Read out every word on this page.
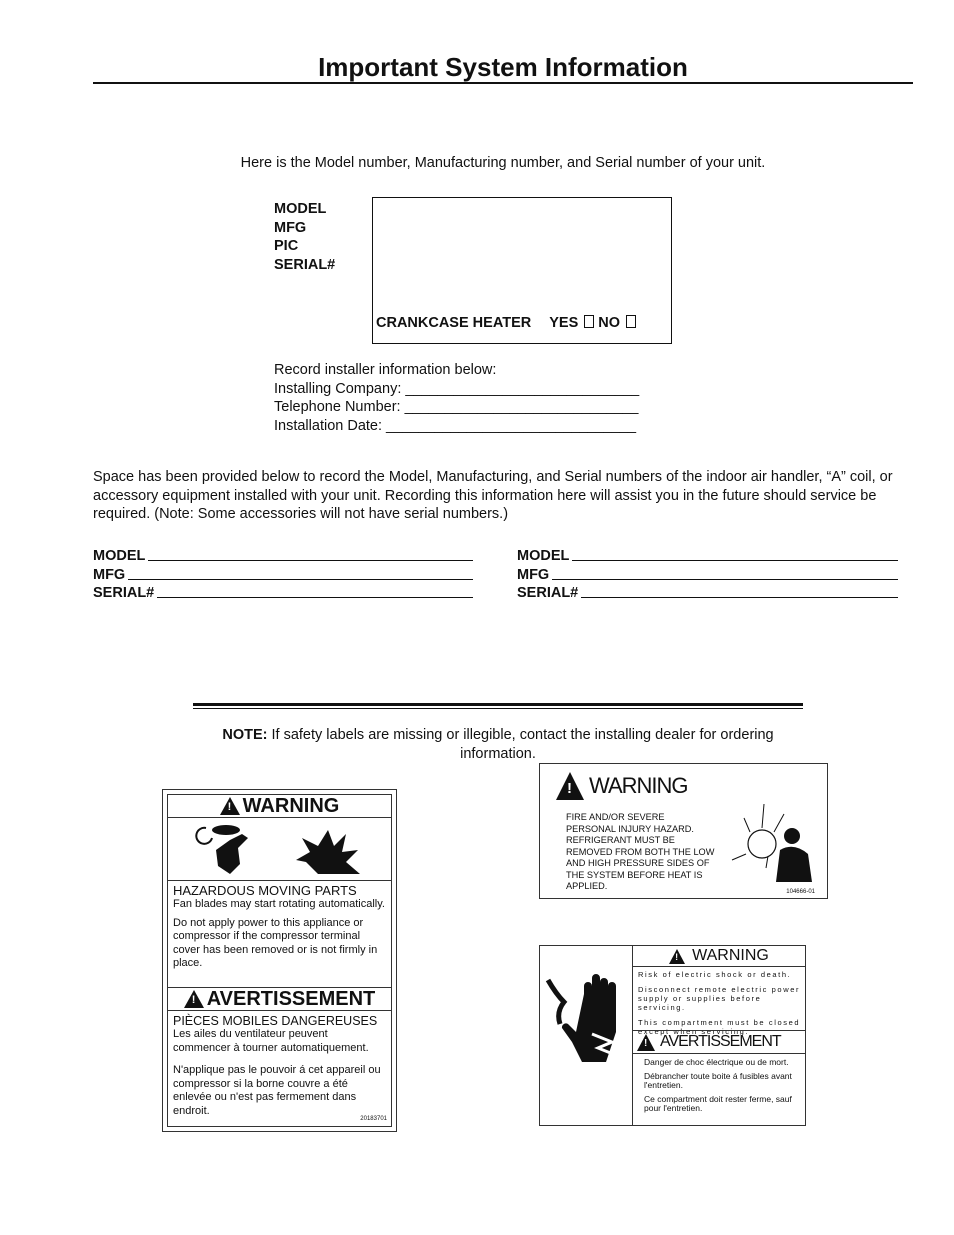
Important System Information
Here is the Model number, Manufacturing number, and Serial number of your unit.
MODEL
MFG
PIC
SERIAL#
CRANKCASE HEATER YES NO
Record installer information below:
Installing Company: _____________________________
Telephone Number: _____________________________
Installation Date: _______________________________
Space has been provided below to record the Model, Manufacturing, and Serial numbers of the indoor air handler, “A” coil, or accessory equipment installed with your unit. Recording this information here will assist you in the future should service be required. (Note: Some accessories will not have serial numbers.)
MODEL
MFG
SERIAL#
MODEL
MFG
SERIAL#
NOTE: If safety labels are missing or illegible, contact the installing dealer for ordering information.
! WARNING
HAZARDOUS MOVING PARTS
Fan blades may start rotating automatically.
Do not apply power to this appliance or compressor if the compressor terminal cover has been removed or is not firmly in place.
! AVERTISSEMENT
PIÈCES MOBILES DANGEREUSES
Les ailes du ventilateur peuvent commencer à tourner automatiquement.
N'applique pas le pouvoir á cet appareil ou compressor si la borne couvre a été enlevée ou n'est pas fermement dans endroit.
20183701
! WARNING
FIRE AND/OR SEVERE PERSONAL INJURY HAZARD. REFRIGERANT MUST BE REMOVED FROM BOTH THE LOW AND HIGH PRESSURE SIDES OF THE SYSTEM BEFORE HEAT IS APPLIED.
104666-01
! WARNING
Risk of electric shock or death.
Disconnect remote electric power supply or supplies before servicing.
This compartment must be closed except when servicing.
! AVERTISSEMENT
Danger de choc électrique ou de mort.
Débrancher toute boite á fusibles avant l'entretien.
Ce compartment doit rester ferme, sauf pour l'entretien.
